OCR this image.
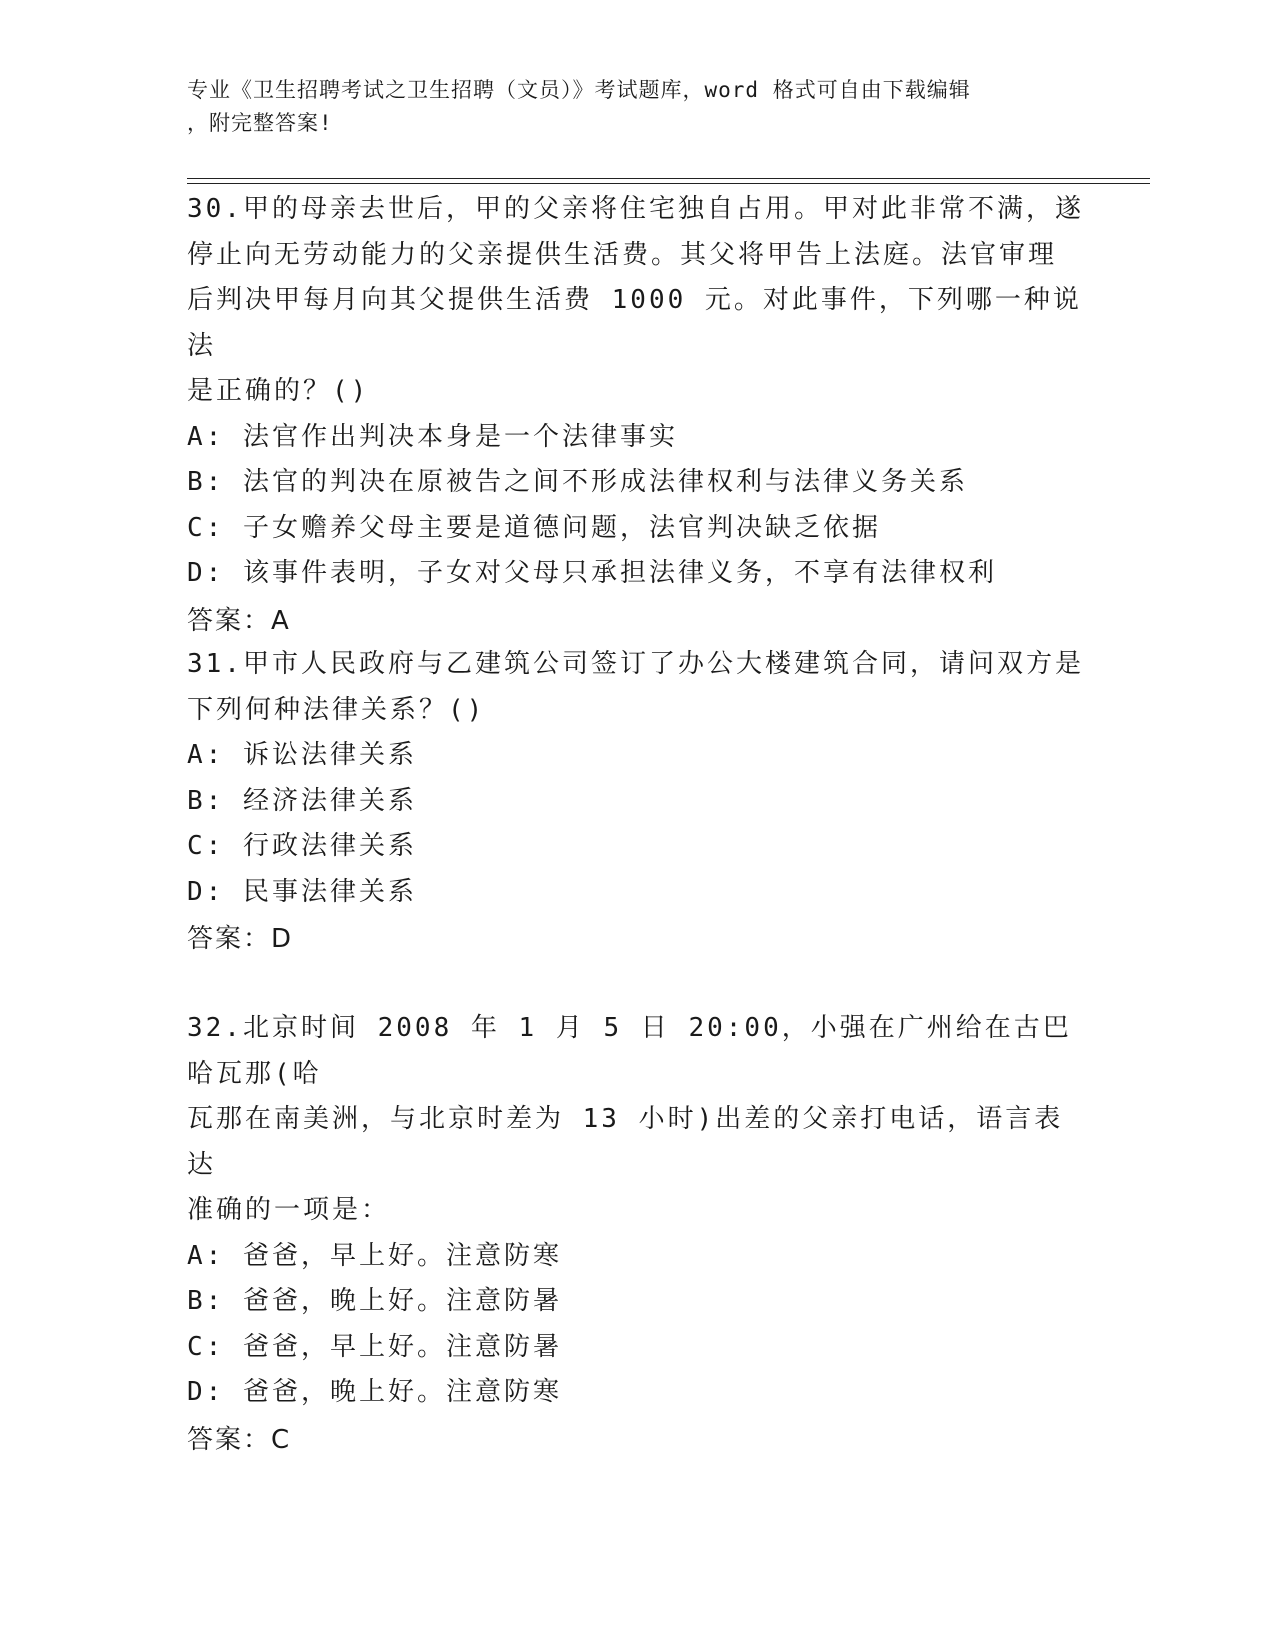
专业《卫生招聘考试之卫生招聘（文员）》考试题库，word 格式可自由下载编辑
，附完整答案!
30.甲的母亲去世后，甲的父亲将住宅独自占用。甲对此非常不满，遂
停止向无劳动能力的父亲提供生活费。其父将甲告上法庭。法官审理
后判决甲每月向其父提供生活费 1000 元。对此事件，下列哪一种说法
是正确的？()
A: 法官作出判决本身是一个法律事实
B: 法官的判决在原被告之间不形成法律权利与法律义务关系
C: 子女赡养父母主要是道德问题，法官判决缺乏依据
D: 该事件表明，子女对父母只承担法律义务，不享有法律权利
答案：A
31.甲市人民政府与乙建筑公司签订了办公大楼建筑合同，请问双方是
下列何种法律关系？()
A: 诉讼法律关系
B: 经济法律关系
C: 行政法律关系
D: 民事法律关系
答案：D
32.北京时间 2008 年 1 月 5 日 20:00，小强在广州给在古巴哈瓦那(哈
瓦那在南美洲，与北京时差为 13 小时)出差的父亲打电话，语言表达
准确的一项是：
A: 爸爸，早上好。注意防寒
B: 爸爸，晚上好。注意防暑
C: 爸爸，早上好。注意防暑
D: 爸爸，晚上好。注意防寒
答案：C
